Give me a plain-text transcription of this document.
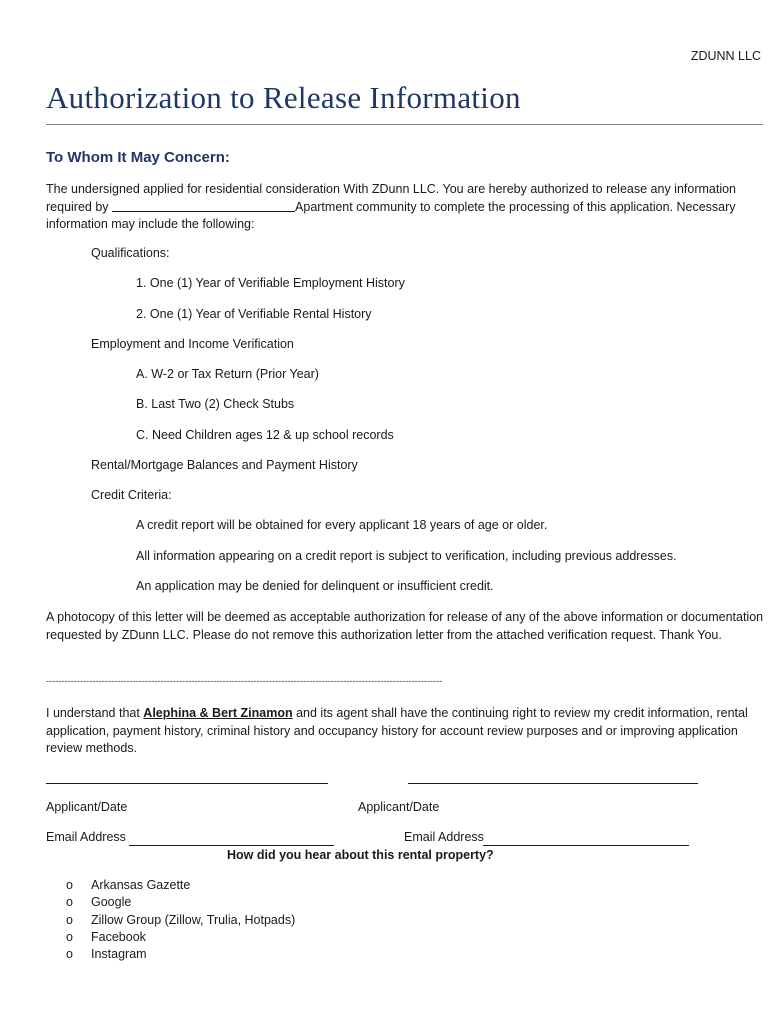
ZDUNN LLC
Authorization to Release Information
To Whom It May Concern:
The undersigned applied for residential consideration With ZDunn LLC. You are hereby authorized to release any information required by	Apartment community to complete the processing of this application. Necessary information may include the following:
Qualifications:
1. One (1) Year of Verifiable Employment History
2. One (1) Year of Verifiable Rental History
Employment and Income Verification
A. W-2 or Tax Return (Prior Year)
B. Last Two (2) Check Stubs
C. Need Children ages 12 & up school records
Rental/Mortgage Balances and Payment History
Credit Criteria:
A credit report will be obtained for every applicant 18 years of age or older.
All information appearing on a credit report is subject to verification, including previous addresses.
An application may be denied for delinquent or insufficient credit.
A photocopy of this letter will be deemed as acceptable authorization for release of any of the above information or documentation requested by ZDunn LLC. Please do not remove this authorization letter from the attached verification request. Thank You.
--------------------------------------------------------------------------------------------------------------------------------
I understand that Alephina & Bert Zinamon and its agent shall have the continuing right to review my credit information, rental application, payment history, criminal history and occupancy history for account review purposes and or improving application review methods.
Applicant/Date	Applicant/Date
Email Address	Email Address
How did you hear about this rental property?
o Arkansas Gazette
o Google
o Zillow Group (Zillow, Trulia, Hotpads)
o Facebook
o Instagram
